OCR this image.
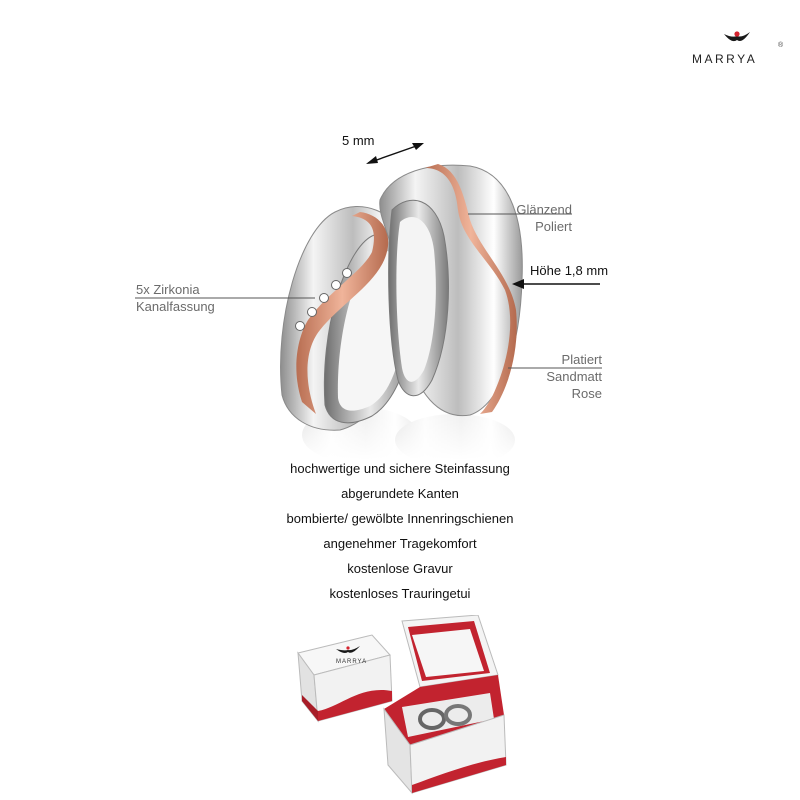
®
MARRYA
5 mm
Höhe 1,8 mm
Glänzend
Poliert
5x Zirkonia
Kanalfassung
Platiert
Sandmatt
Rose
hochwertige und sichere Steinfassung
abgerundete Kanten
bombierte/ gewölbte Innenringschienen
angenehmer Tragekomfort
kostenlose Gravur
kostenloses Trauringetui
MARRYA
